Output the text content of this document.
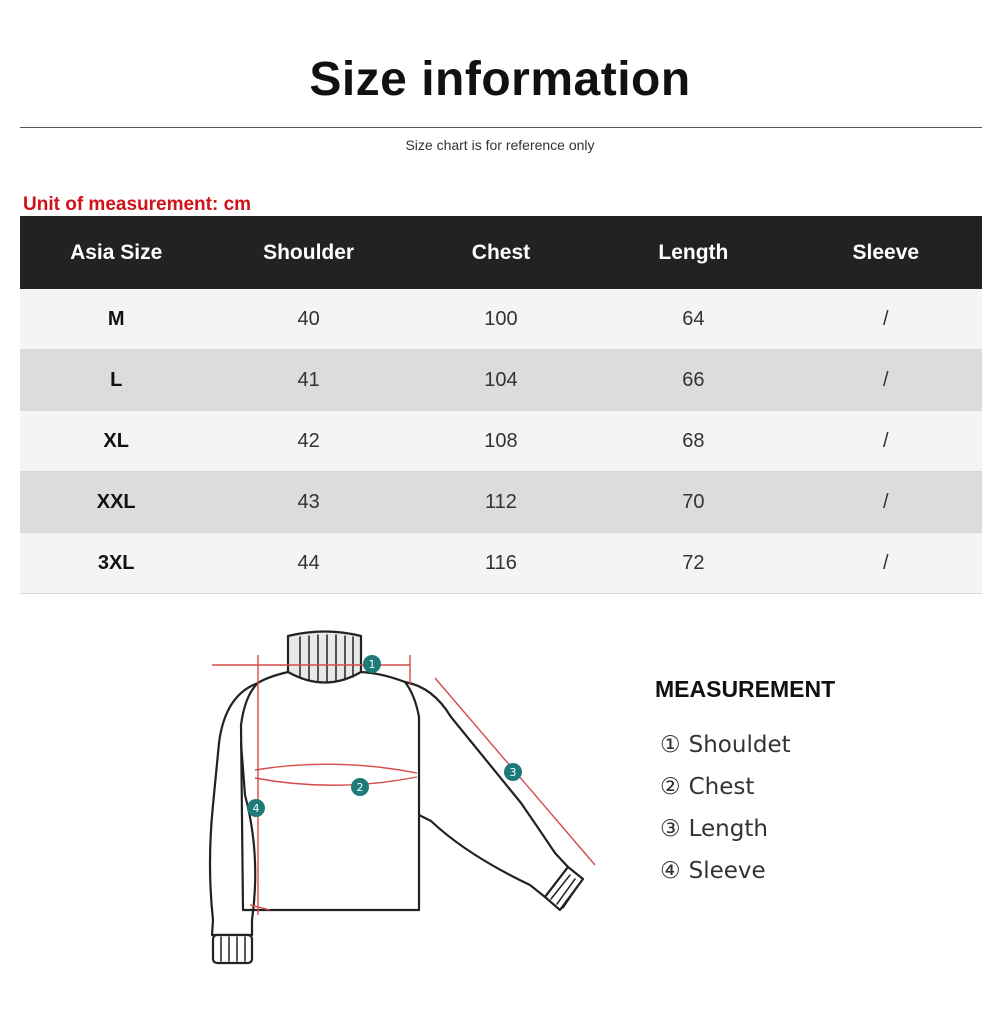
Size information
Size chart is for reference only
Unit of measurement: cm
Asia Size	Shoulder	Chest	Length	Sleeve
M	40	100	64	/
L	41	104	66	/
XL	42	108	68	/
XXL	43	112	70	/
3XL	44	116	72	/
1
2
3
4
MEASUREMENT
① Shouldet
② Chest
③ Length
④ Sleeve
